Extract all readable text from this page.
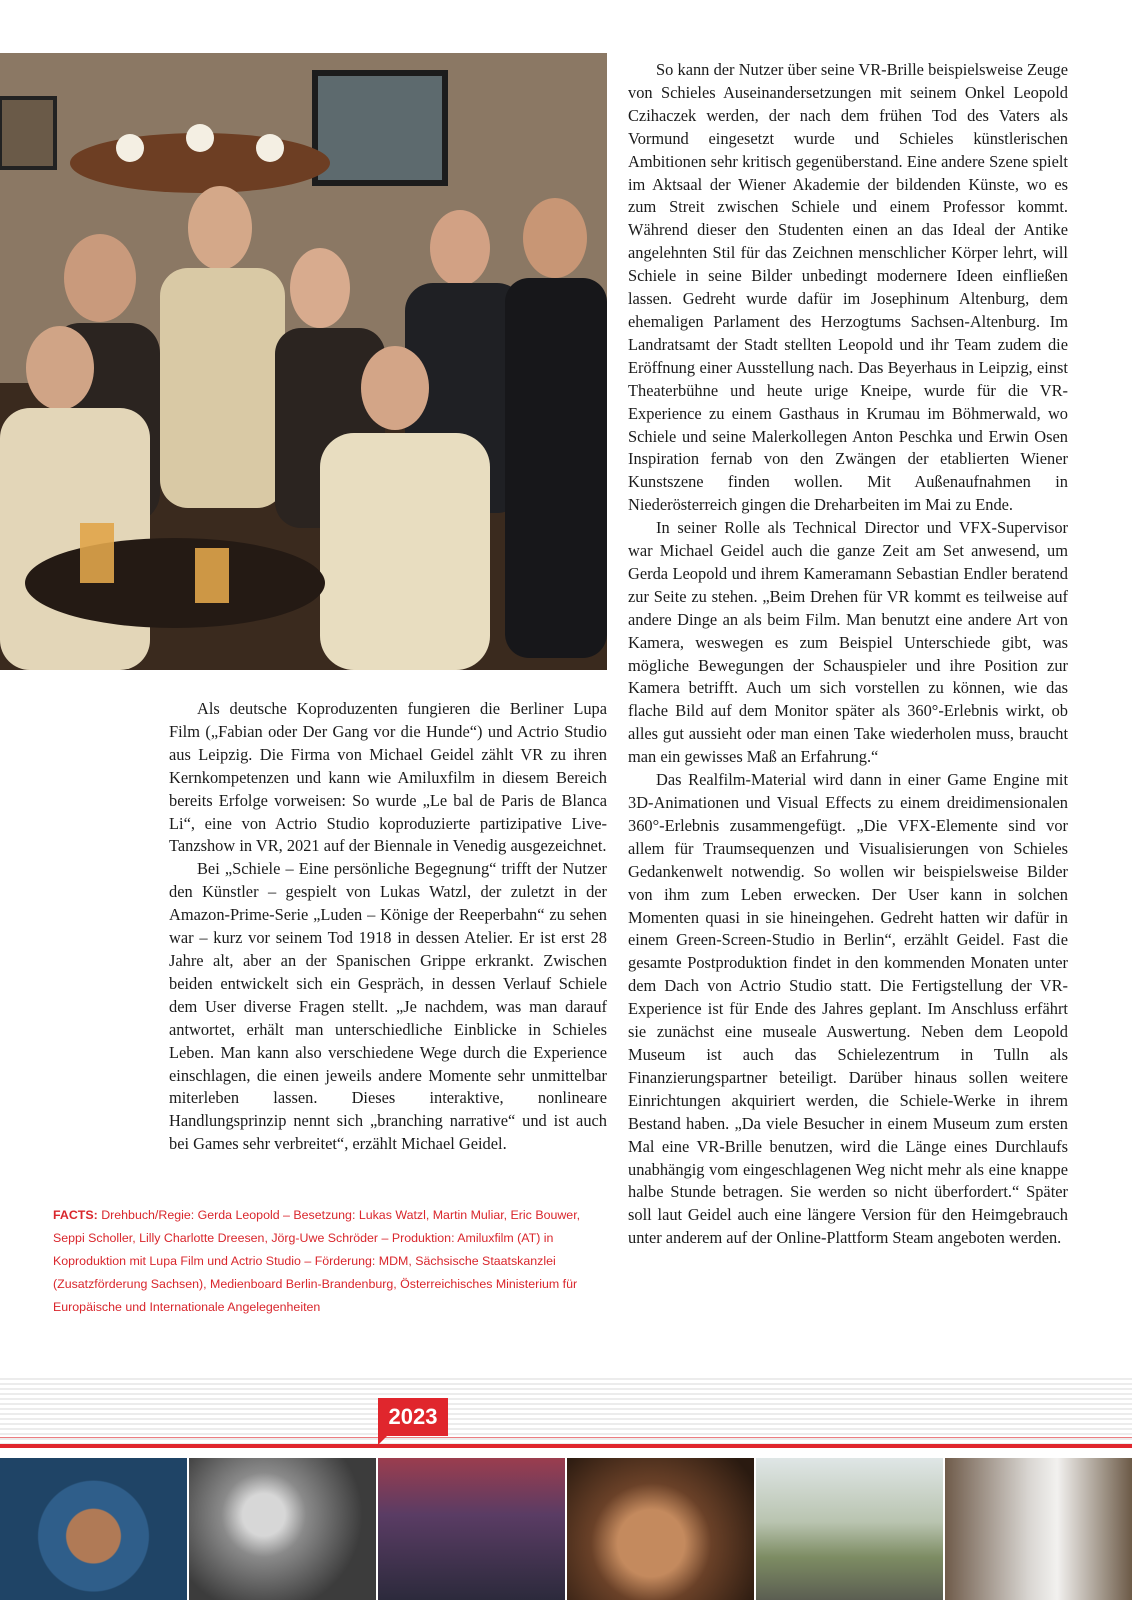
So kann der Nutzer über seine VR-Brille beispielsweise Zeuge von Schieles Auseinandersetzungen mit seinem Onkel Leopold Czihaczek werden, der nach dem frühen Tod des Vaters als Vormund eingesetzt wurde und Schieles künstlerischen Ambitionen sehr kritisch gegenüberstand. Eine andere Szene spielt im Aktsaal der Wiener Akademie der bildenden Künste, wo es zum Streit zwischen Schiele und einem Professor kommt. Während dieser den Studenten einen an das Ideal der Antike angelehnten Stil für das Zeichnen menschlicher Körper lehrt, will Schiele in seine Bilder unbedingt modernere Ideen einfließen lassen. Gedreht wurde dafür im Josephinum Altenburg, dem ehemaligen Parlament des Herzogtums Sachsen-Altenburg. Im Landratsamt der Stadt stellten Leopold und ihr Team zudem die Eröffnung einer Ausstellung nach. Das Beyerhaus in Leipzig, einst Theaterbühne und heute urige Kneipe, wurde für die VR-Experience zu einem Gasthaus in Krumau im Böhmerwald, wo Schiele und seine Malerkollegen Anton Peschka und Erwin Osen Inspiration fernab von den Zwängen der etablierten Wiener Kunstszene finden wollen. Mit Außenaufnahmen in Niederösterreich gingen die Dreharbeiten im Mai zu Ende.

In seiner Rolle als Technical Director und VFX-Supervisor war Michael Geidel auch die ganze Zeit am Set anwesend, um Gerda Leopold und ihrem Kameramann Sebastian Endler beratend zur Seite zu stehen. „Beim Drehen für VR kommt es teilweise auf andere Dinge an als beim Film. Man benutzt eine andere Art von Kamera, weswegen es zum Beispiel Unterschiede gibt, was mögliche Bewegungen der Schauspieler und ihre Position zur Kamera betrifft. Auch um sich vorstellen zu können, wie das flache Bild auf dem Monitor später als 360°-Erlebnis wirkt, ob alles gut aussieht oder man einen Take wiederholen muss, braucht man ein gewisses Maß an Erfahrung.“

Das Realfilm-Material wird dann in einer Game Engine mit 3D-Animationen und Visual Effects zu einem dreidimensionalen 360°-Erlebnis zusammengefügt. „Die VFX-Elemente sind vor allem für Traumsequenzen und Visualisierungen von Schieles Gedankenwelt notwendig. So wollen wir beispielsweise Bilder von ihm zum Leben erwecken. Der User kann in solchen Momenten quasi in sie hineingehen. Gedreht hatten wir dafür in einem Green-Screen-Studio in Berlin“, erzählt Geidel. Fast die gesamte Postproduktion findet in den kommenden Monaten unter dem Dach von Actrio Studio statt. Die Fertigstellung der VR-Experience ist für Ende des Jahres geplant. Im Anschluss erfährt sie zunächst eine museale Auswertung. Neben dem Leopold Museum ist auch das Schielezentrum in Tulln als Finanzierungspartner beteiligt. Darüber hinaus sollen weitere Einrichtungen akquiriert werden, die Schiele-Werke in ihrem Bestand haben. „Da viele Besucher in einem Museum zum ersten Mal eine VR-Brille benutzen, wird die Länge eines Durchlaufs unabhängig vom eingeschlagenen Weg nicht mehr als eine knappe halbe Stunde betragen. Sie werden so nicht überfordert.“ Später soll laut Geidel auch eine längere Version für den Heimgebrauch unter anderem auf der Online-Plattform Steam angeboten werden.

Als deutsche Koproduzenten fungieren die Berliner Lupa Film („Fabian oder Der Gang vor die Hunde“) und Actrio Studio aus Leipzig. Die Firma von Michael Geidel zählt VR zu ihren Kernkompetenzen und kann wie Amiluxfilm in diesem Bereich bereits Erfolge vorweisen: So wurde „Le bal de Paris de Blanca Li“, eine von Actrio Studio koproduzierte partizipative Live-Tanzshow in VR, 2021 auf der Biennale in Venedig ausgezeichnet.

Bei „Schiele – Eine persönliche Begegnung“ trifft der Nutzer den Künstler – gespielt von Lukas Watzl, der zuletzt in der Amazon-Prime-Serie „Luden – Könige der Reeperbahn“ zu sehen war – kurz vor seinem Tod 1918 in dessen Atelier. Er ist erst 28 Jahre alt, aber an der Spanischen Grippe erkrankt. Zwischen beiden entwickelt sich ein Gespräch, in dessen Verlauf Schiele dem User diverse Fragen stellt. „Je nachdem, was man darauf antwortet, erhält man unterschiedliche Einblicke in Schieles Leben. Man kann also verschiedene Wege durch die Experience einschlagen, die einen jeweils andere Momente sehr unmittelbar miterleben lassen. Dieses interaktive, nonlineare Handlungsprinzip nennt sich „branching narrative“ und ist auch bei Games sehr verbreitet“, erzählt Michael Geidel.

FACTS: Drehbuch/Regie: Gerda Leopold – Besetzung: Lukas Watzl, Martin Muliar, Eric Bouwer, Seppi Scholler, Lilly Charlotte Dreesen, Jörg-Uwe Schröder – Produktion: Amiluxfilm (AT) in Koproduktion mit Lupa Film und Actrio Studio – Förderung: MDM, Sächsische Staatskanzlei (Zusatzförderung Sachsen), Medienboard Berlin-Brandenburg, Österreichisches Ministerium für Europäische und Internationale Angelegenheiten
2023
